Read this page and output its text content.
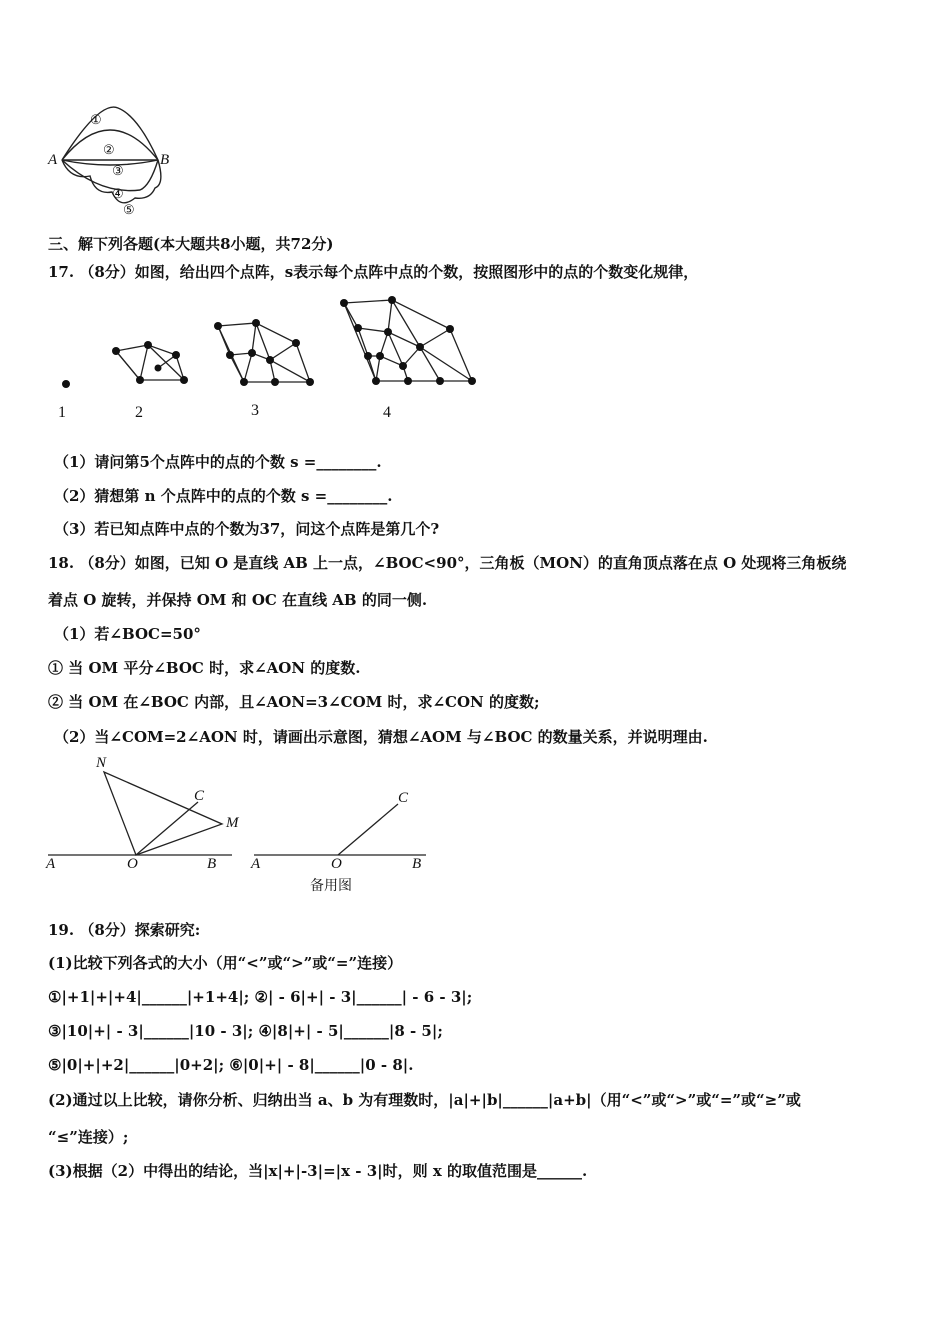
A	B
①
②
③
④
⑤
三、解下列各题(本大题共8小题，共72分)
17. （8分）如图，给出四个点阵，s表示每个点阵中点的个数，按照图形中的点的个数变化规律，
1	2	3	4
（1）请问第5个点阵中的点的个数 s =________.
（2）猜想第 n 个点阵中的点的个数 s =________.
（3）若已知点阵中点的个数为37，问这个点阵是第几个?
18. （8分）如图，已知 O 是直线 AB 上一点，∠BOC<90°，三角板（MON）的直角顶点落在点 O 处现将三角板绕
着点 O 旋转，并保持 OM 和 OC 在直线 AB 的同一侧.
（1）若∠BOC=50°
① 当 OM 平分∠BOC 时，求∠AON 的度数.
② 当 OM 在∠BOC 内部，且∠AON=3∠COM 时，求∠CON 的度数;
（2）当∠COM=2∠AON 时，请画出示意图，猜想∠AOM 与∠BOC 的数量关系，并说明理由.
N
C
M
A	O	B
C
A	O	B
备用图
19. （8分）探索研究:
(1)比较下列各式的大小（用“<”或“>”或“=”连接）
①|+1|+|+4|______|+1+4|; ②| - 6|+| - 3|______| - 6 - 3|;
③|10|+| - 3|______|10 - 3|; ④|8|+| - 5|______|8 - 5|;
⑤|0|+|+2|______|0+2|; ⑥|0|+| - 8|______|0 - 8|.
(2)通过以上比较，请你分析、归纳出当 a、b 为有理数时，|a|+|b|______|a+b|（用“<”或“>”或“=”或“≥”或
“≤”连接）;
(3)根据（2）中得出的结论，当|x|+|-3|=|x - 3|时，则 x 的取值范围是______.
